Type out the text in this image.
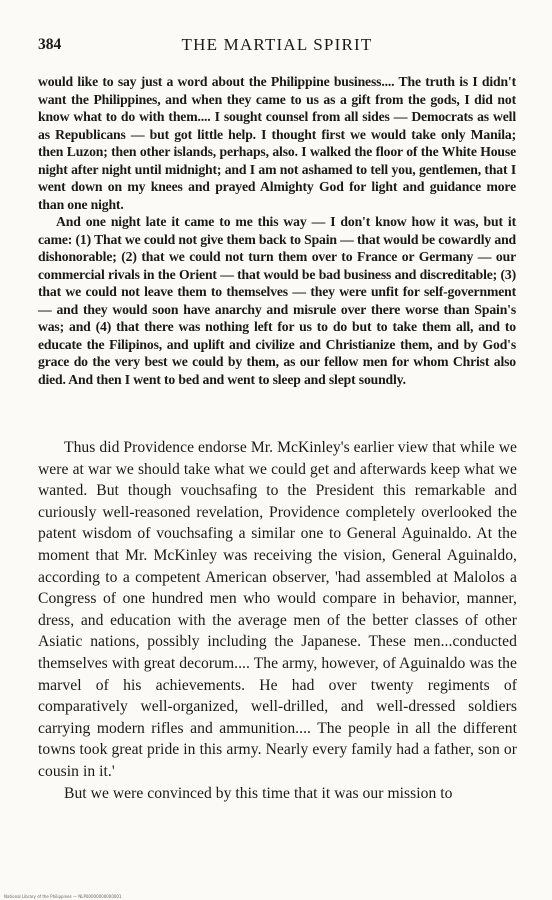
384	THE MARTIAL SPIRIT

would like to say just a word about the Philippine business.... The truth is I didn't want the Philippines, and when they came to us as a gift from the gods, I did not know what to do with them.... I sought counsel from all sides — Democrats as well as Republicans — but got little help. I thought first we would take only Manila; then Luzon; then other islands, perhaps, also. I walked the floor of the White House night after night until midnight; and I am not ashamed to tell you, gentlemen, that I went down on my knees and prayed Almighty God for light and guidance more than one night.

And one night late it came to me this way — I don't know how it was, but it came: (1) That we could not give them back to Spain — that would be cowardly and dishonorable; (2) that we could not turn them over to France or Germany — our commercial rivals in the Orient — that would be bad business and discreditable; (3) that we could not leave them to themselves — they were unfit for self-government — and they would soon have anarchy and misrule over there worse than Spain's was; and (4) that there was nothing left for us to do but to take them all, and to educate the Filipinos, and uplift and civilize and Christianize them, and by God's grace do the very best we could by them, as our fellow men for whom Christ also died. And then I went to bed and went to sleep and slept soundly.

Thus did Providence endorse Mr. McKinley's earlier view that while we were at war we should take what we could get and afterwards keep what we wanted. But though vouchsafing to the President this remarkable and curiously well-reasoned revelation, Providence completely overlooked the patent wisdom of vouchsafing a similar one to General Aguinaldo. At the moment that Mr. McKinley was receiving the vision, General Aguinaldo, according to a competent American observer, 'had assembled at Malolos a Congress of one hundred men who would compare in behavior, manner, dress, and education with the average men of the better classes of other Asiatic nations, possibly including the Japanese. These men...conducted themselves with great decorum.... The army, however, of Aguinaldo was the marvel of his achievements. He had over twenty regiments of comparatively well-organized, well-drilled, and well-dressed soldiers carrying modern rifles and ammunition.... The people in all the different towns took great pride in this army. Nearly every family had a father, son or cousin in it.'

But we were convinced by this time that it was our mission to

National Library of the Philippines — NLP00000000000001
